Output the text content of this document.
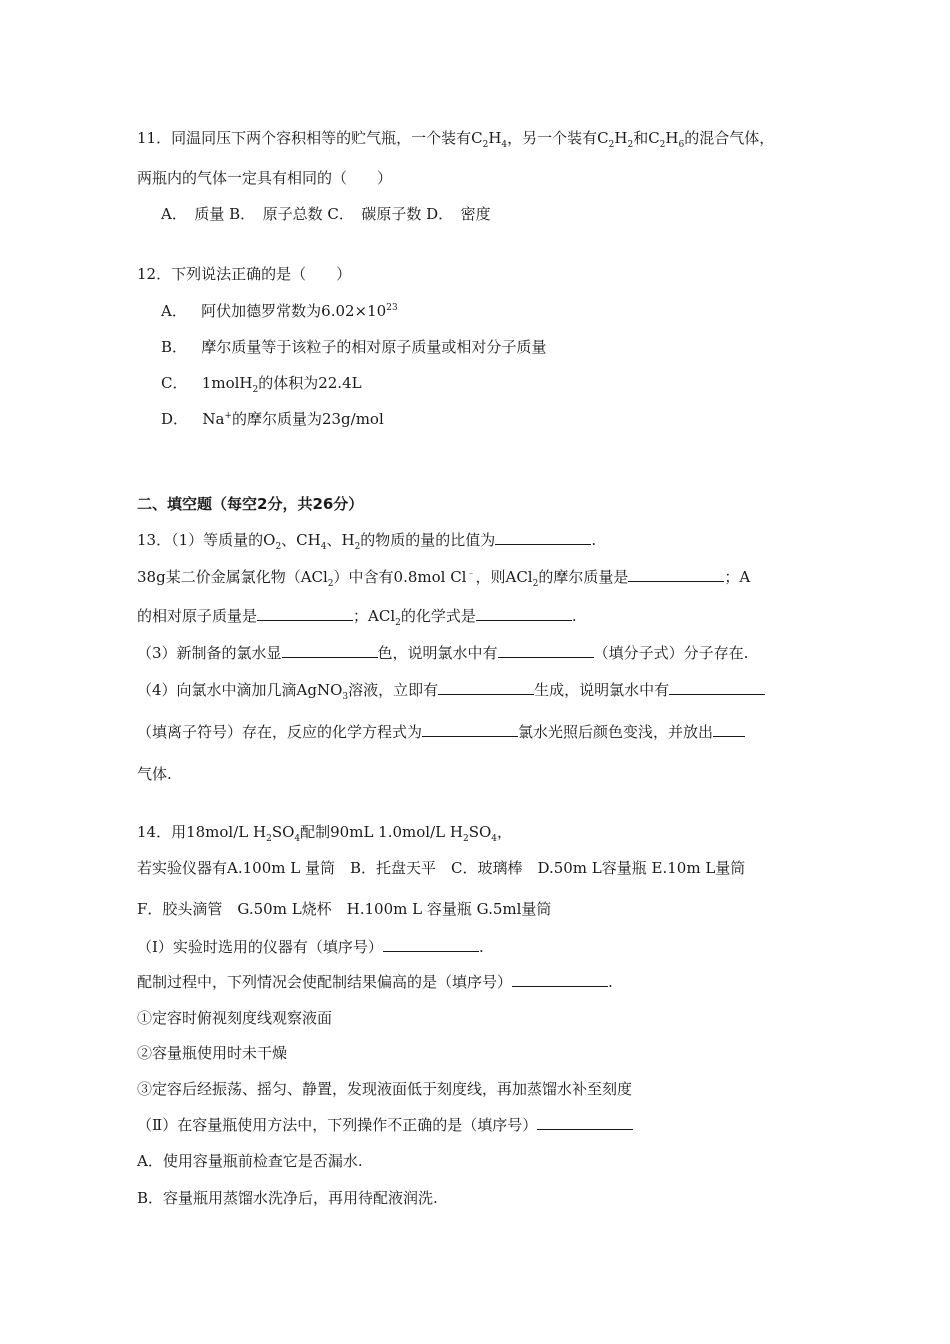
11．同温同压下两个容积相等的贮气瓶，一个装有$C_2H_4$，另一个装有$C_2H_2$和$C_2H_6$的混合气体，
两瓶内的气体一定具有相同的（　　）
A．　质量 B．　原子总数 C．　碳原子数 D．　密度
12．下列说法正确的是（　　）
A． 阿伏加德罗常数为$6.02\times 10^{23}$
B． 摩尔质量等于该粒子的相对原子质量或相对分子质量
C． 1molH$_2$的体积为22.4L
D． Na+的摩尔质量为23g/mol
二、填空题（每空2分，共26分）
13．（1）等质量的$O_2$、$CH_4$、$H_2$的物质的量的比值为	.
38g某二价金属氯化物（ACl$_2$）中含有0.8mol Cl﹣，则ACl$_2$的摩尔质量是	；A
的相对原子质量是	；ACl$_2$的化学式是	.
（3）新制备的氯水显	色，说明氯水中有	（填分子式）分子存在.
（4）向氯水中滴加几滴AgNO$_3$溶液，立即有	生成，说明氯水中有
（填离子符号）存在，反应的化学方程式为	氯水光照后颜色变浅，并放出
气体.
14．用18mol/L $H_2SO_4$配制90mL 1.0mol/L $H_2SO_4$，
若实验仪器有A.100m L 量筒　B．托盘天平　C．玻璃棒　D.50m L容量瓶 E.10m L量筒
F．胶头滴管　G.50m L烧杯　H.100m L 容量瓶 G.5ml量筒
（Ⅰ）实验时选用的仪器有（填序号）	.
配制过程中，下列情况会使配制结果偏高的是（填序号）	.
①定容时俯视刻度线观察液面
②容量瓶使用时未干燥
③定容后经振荡、摇匀、静置，发现液面低于刻度线，再加蒸馏水补至刻度
（Ⅱ）在容量瓶使用方法中，下列操作不正确的是（填序号）
A．使用容量瓶前检查它是否漏水.
B．容量瓶用蒸馏水洗净后，再用待配液润洗.
